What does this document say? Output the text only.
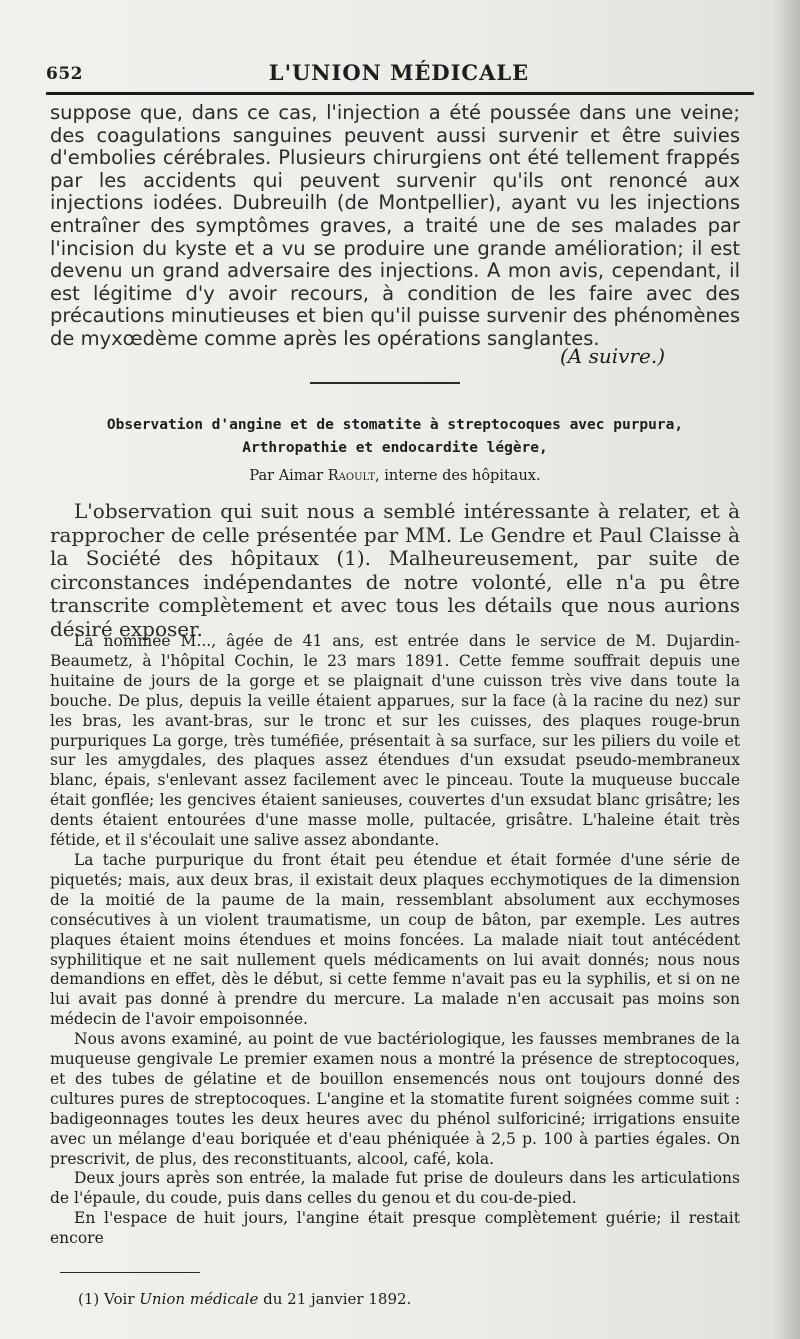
652	L'UNION MÉDICALE

suppose que, dans ce cas, l'injection a été poussée dans une veine; des coagulations sanguines peuvent aussi survenir et être suivies d'embolies cérébrales. Plusieurs chirurgiens ont été tellement frappés par les accidents qui peuvent survenir qu'ils ont renoncé aux injections iodées. Dubreuilh (de Montpellier), ayant vu les injections entraîner des symptômes graves, a traité une de ses malades par l'incision du kyste et a vu se produire une grande amélioration; il est devenu un grand adversaire des injections. A mon avis, cependant, il est légitime d'y avoir recours, à condition de les faire avec des précautions minutieuses et bien qu'il puisse survenir des phénomènes de myxœdème comme après les opérations sanglantes.

(A suivre.)
Observation d'angine et de stomatite à streptocoques avec purpura,
Arthropathie et endocardite légère,
Par Aimar Raoult, interne des hôpitaux.

L'observation qui suit nous a semblé intéressante à relater, et à rapprocher de celle présentée par MM. Le Gendre et Paul Claisse à la Société des hôpitaux (1). Malheureusement, par suite de circonstances indépendantes de notre volonté, elle n'a pu être transcrite complètement et avec tous les détails que nous aurions désiré exposer.

La nommée M..., âgée de 41 ans, est entrée dans le service de M. Dujardin-Beaumetz, à l'hôpital Cochin, le 23 mars 1891. Cette femme souffrait depuis une huitaine de jours de la gorge et se plaignait d'une cuisson très vive dans toute la bouche. De plus, depuis la veille étaient apparues, sur la face (à la racine du nez) sur les bras, les avant-bras, sur le tronc et sur les cuisses, des plaques rouge-brun purpuriques La gorge, très tuméfiée, présentait à sa surface, sur les piliers du voile et sur les amygdales, des plaques assez étendues d'un exsudat pseudo-membraneux blanc, épais, s'enlevant assez facilement avec le pinceau. Toute la muqueuse buccale était gonflée; les gencives étaient sanieuses, couvertes d'un exsudat blanc grisâtre; les dents étaient entourées d'une masse molle, pultacée, grisâtre. L'haleine était très fétide, et il s'écoulait une salive assez abondante.

La tache purpurique du front était peu étendue et était formée d'une série de piquetés; mais, aux deux bras, il existait deux plaques ecchymotiques de la dimension de la moitié de la paume de la main, ressemblant absolument aux ecchymoses consécutives à un violent traumatisme, un coup de bâton, par exemple. Les autres plaques étaient moins étendues et moins foncées. La malade niait tout antécédent syphilitique et ne sait nullement quels médicaments on lui avait donnés; nous nous demandions en effet, dès le début, si cette femme n'avait pas eu la syphilis, et si on ne lui avait pas donné à prendre du mercure. La malade n'en accusait pas moins son médecin de l'avoir empoisonnée.

Nous avons examiné, au point de vue bactériologique, les fausses membranes de la muqueuse gengivale Le premier examen nous a montré la présence de streptocoques, et des tubes de gélatine et de bouillon ensemencés nous ont toujours donné des cultures pures de streptocoques. L'angine et la stomatite furent soignées comme suit : badigeonnages toutes les deux heures avec du phénol sulforiciné; irrigations ensuite avec un mélange d'eau boriquée et d'eau phéniquée à 2,5 p. 100 à parties égales. On prescrivit, de plus, des reconstituants, alcool, café, kola.

Deux jours après son entrée, la malade fut prise de douleurs dans les articulations de l'épaule, du coude, puis dans celles du genou et du cou-de-pied.

En l'espace de huit jours, l'angine était presque complètement guérie; il restait encore

(1) Voir Union médicale du 21 janvier 1892.
